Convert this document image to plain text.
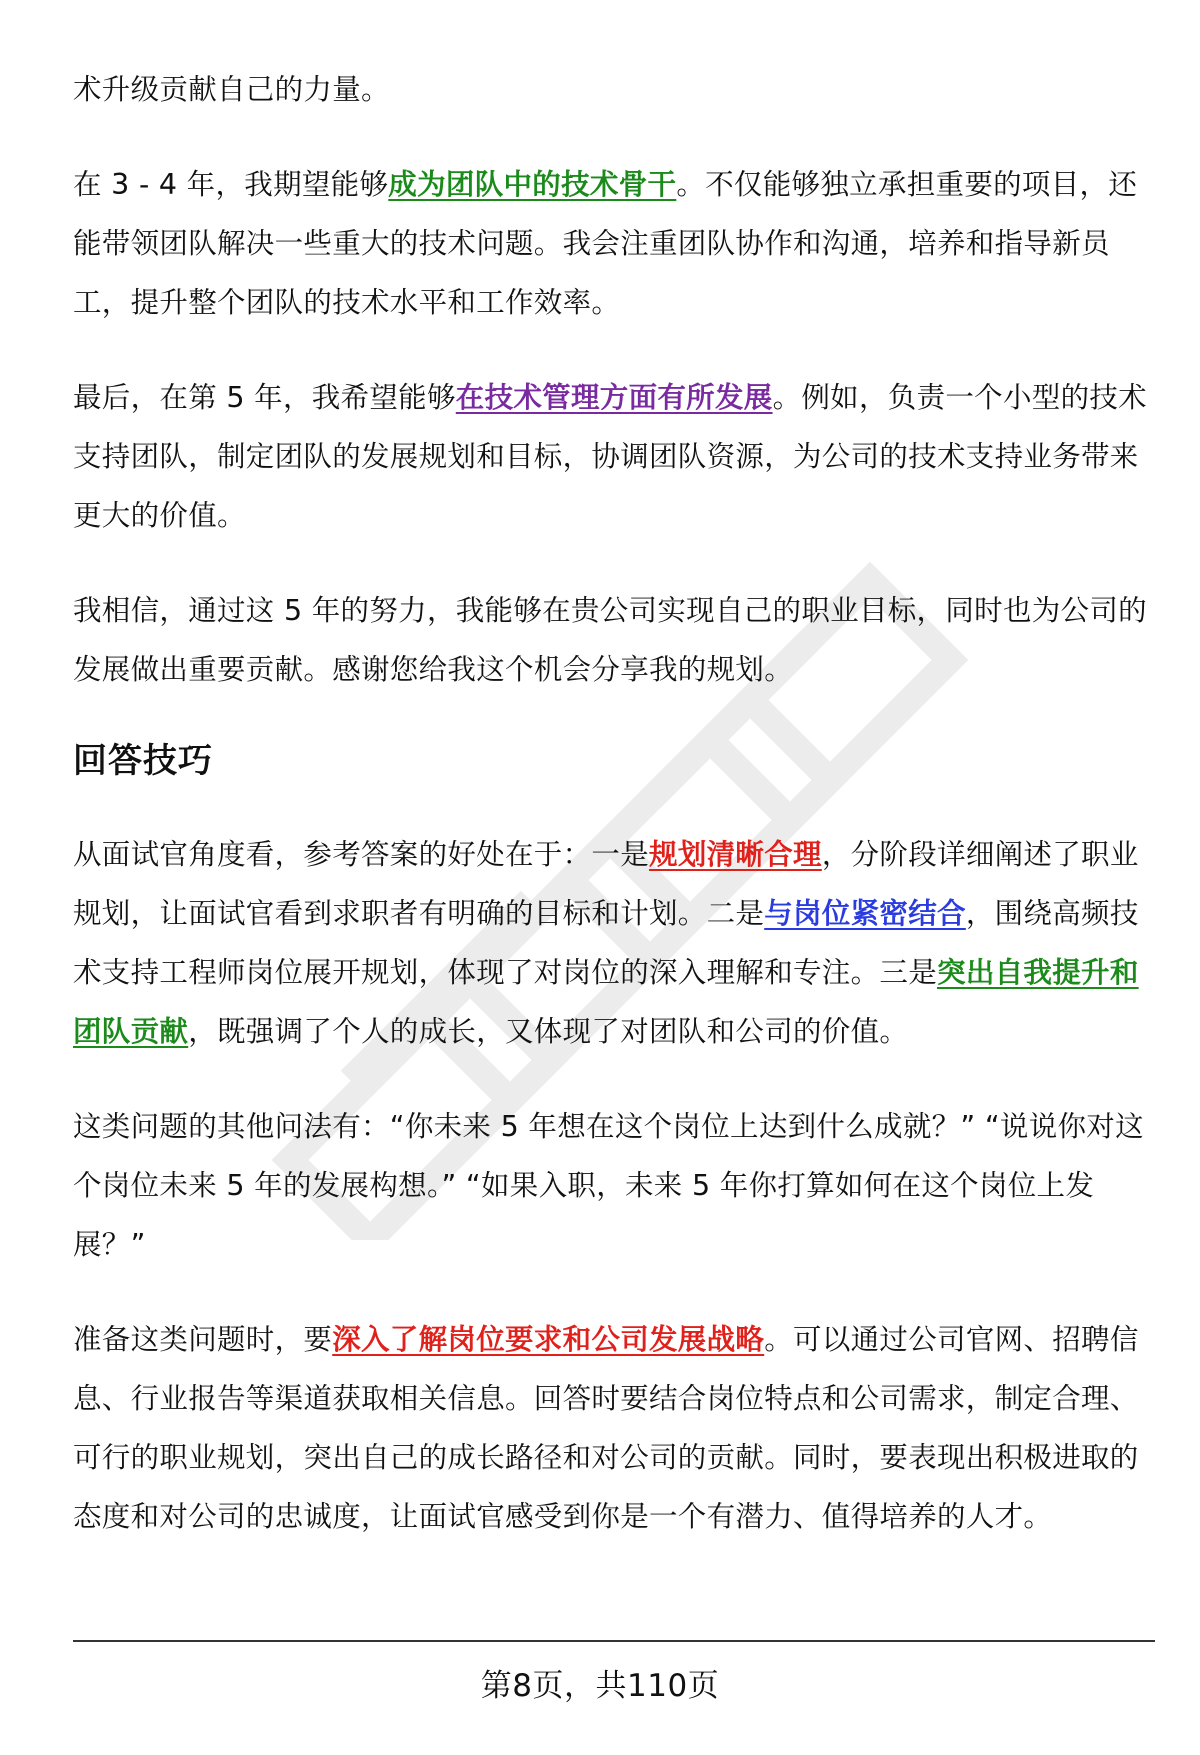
术升级贡献自己的力量。

在 3 - 4 年，我期望能够成为团队中的技术骨干。不仅能够独立承担重要的项目，还能带领团队解决一些重大的技术问题。我会注重团队协作和沟通，培养和指导新员工，提升整个团队的技术水平和工作效率。

最后，在第 5 年，我希望能够在技术管理方面有所发展。例如，负责一个小型的技术支持团队，制定团队的发展规划和目标，协调团队资源，为公司的技术支持业务带来更大的价值。

我相信，通过这 5 年的努力，我能够在贵公司实现自己的职业目标，同时也为公司的发展做出重要贡献。感谢您给我这个机会分享我的规划。

回答技巧

从面试官角度看，参考答案的好处在于：一是规划清晰合理，分阶段详细阐述了职业规划，让面试官看到求职者有明确的目标和计划。二是与岗位紧密结合，围绕高频技术支持工程师岗位展开规划，体现了对岗位的深入理解和专注。三是突出自我提升和团队贡献，既强调了个人的成长，又体现了对团队和公司的价值。

这类问题的其他问法有：“你未来 5 年想在这个岗位上达到什么成就？” “说说你对这个岗位未来 5 年的发展构想。” “如果入职，未来 5 年你打算如何在这个岗位上发展？”

准备这类问题时，要深入了解岗位要求和公司发展战略。可以通过公司官网、招聘信息、行业报告等渠道获取相关信息。回答时要结合岗位特点和公司需求，制定合理、可行的职业规划，突出自己的成长路径和对公司的贡献。同时，要表现出积极进取的态度和对公司的忠诚度，让面试官感受到你是一个有潜力、值得培养的人才。

第8页，共110页
